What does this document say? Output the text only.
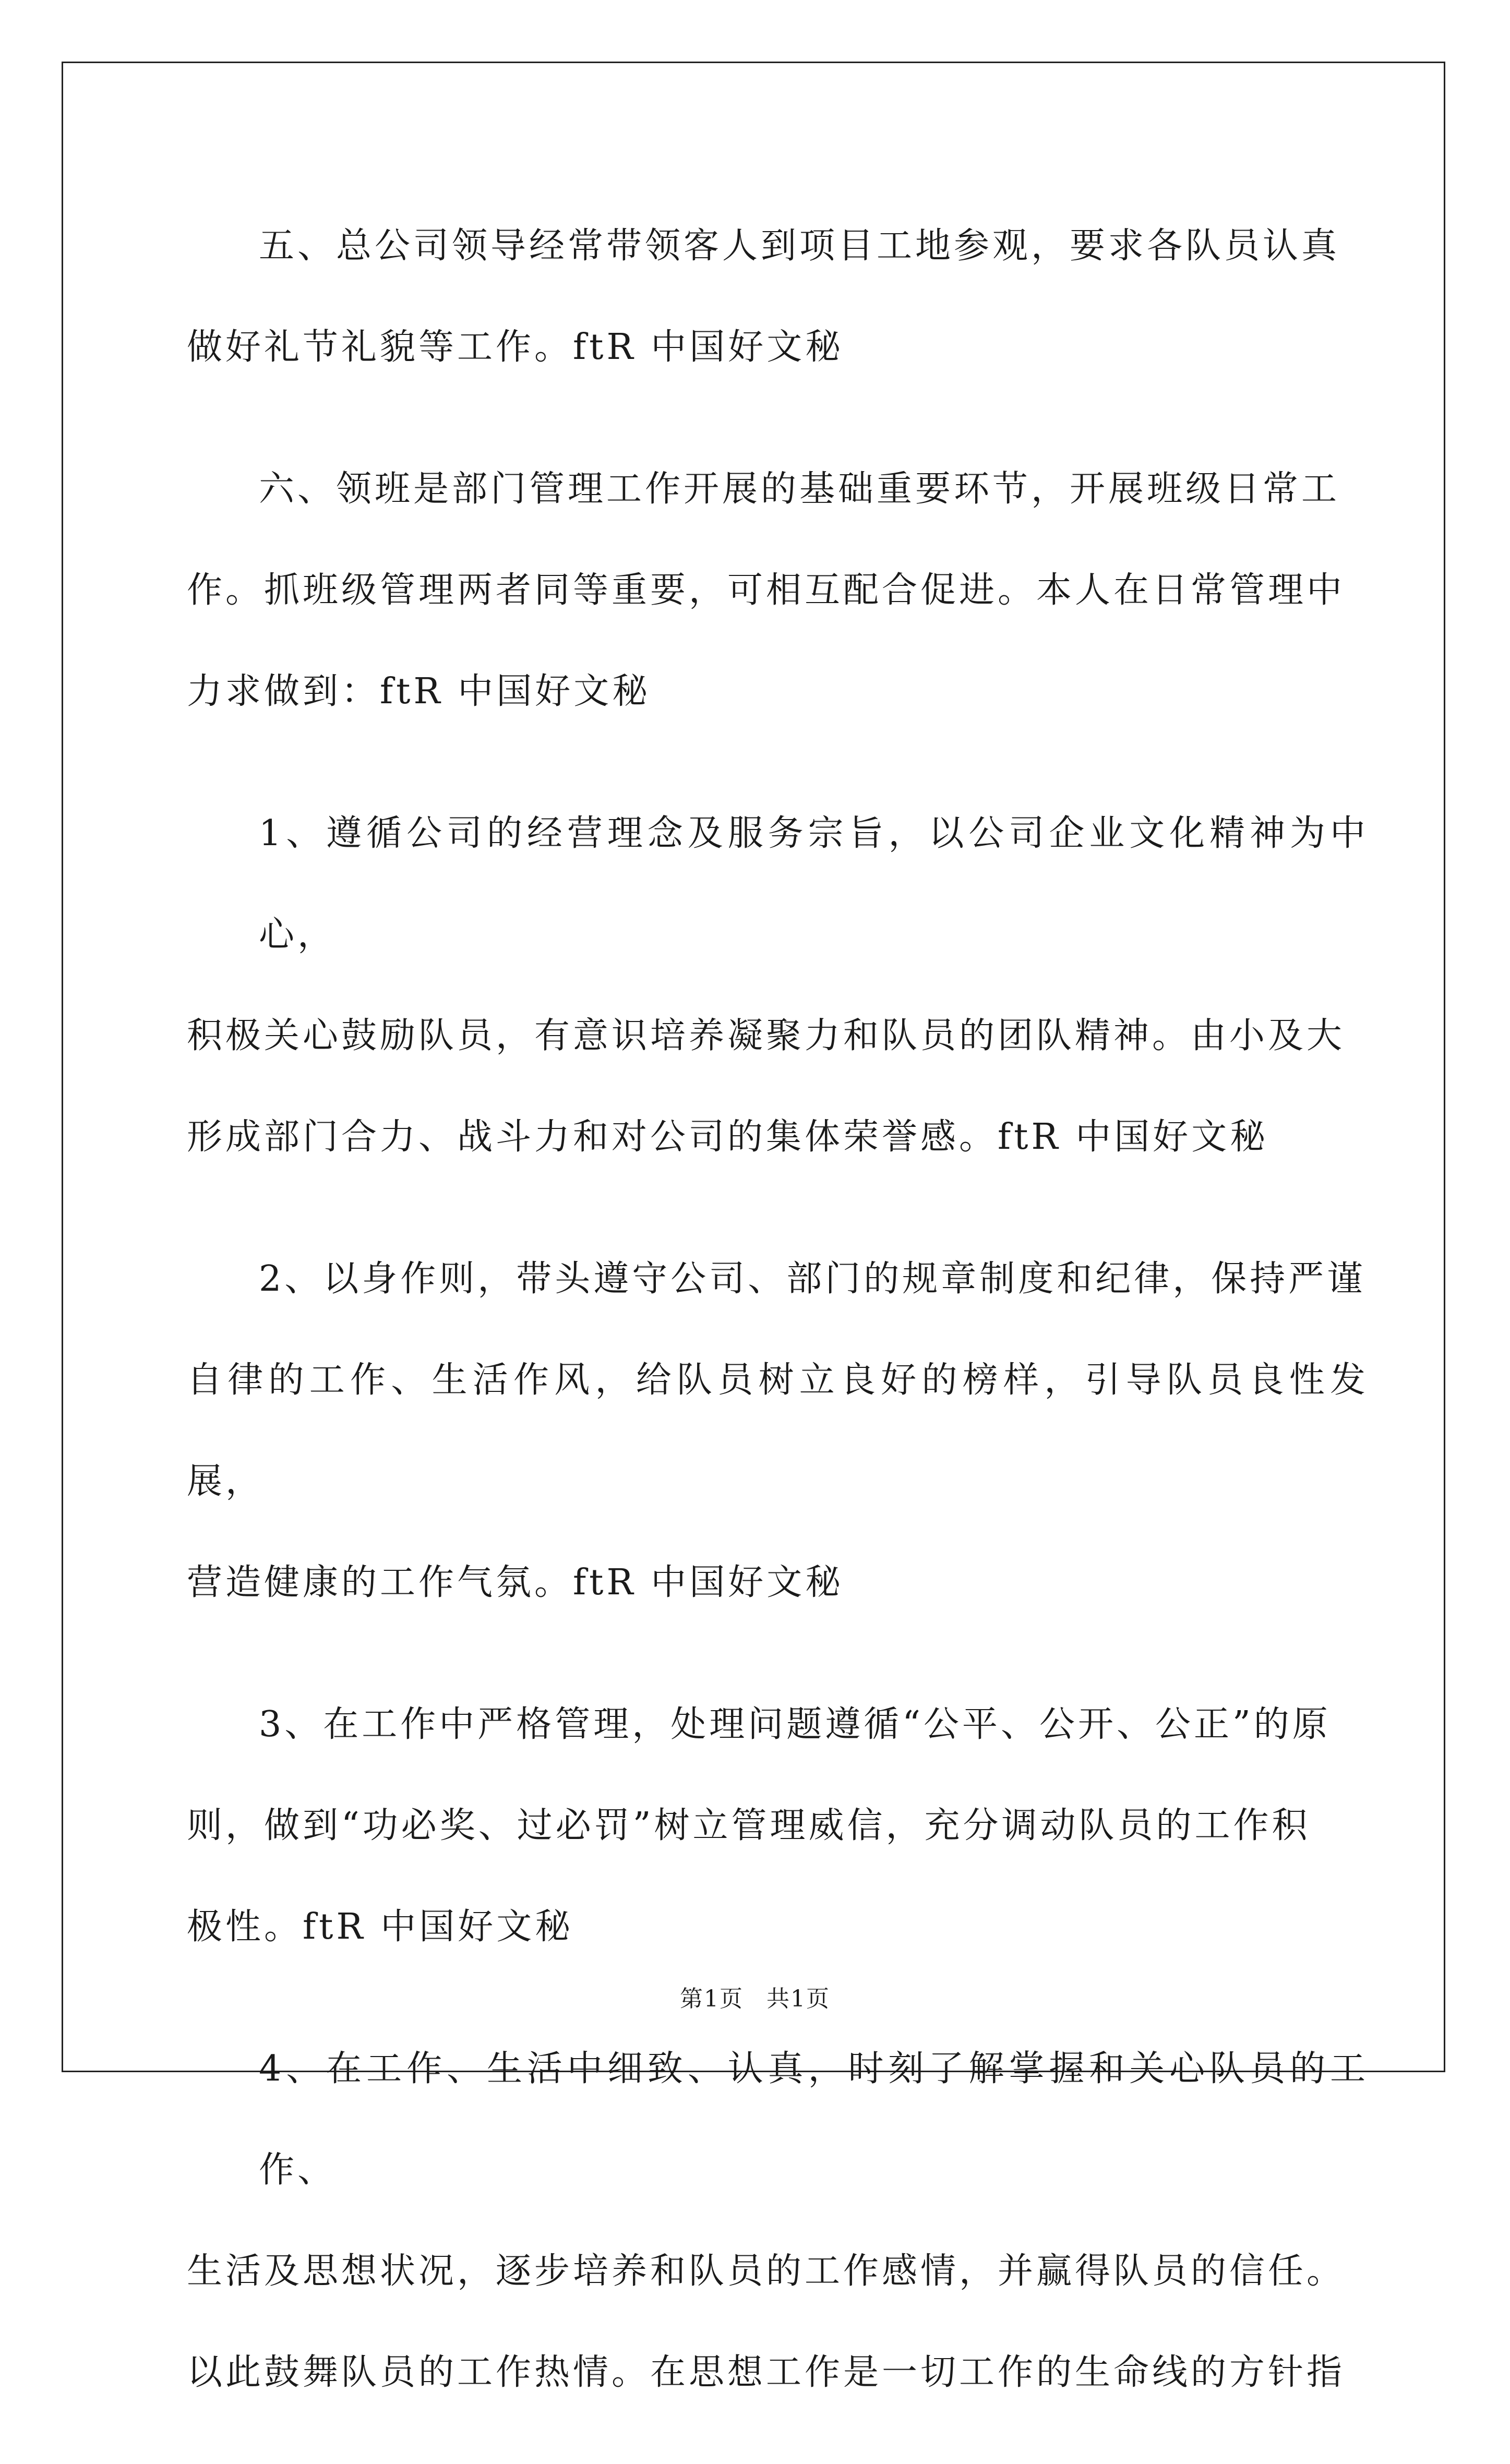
五、总公司领导经常带领客人到项目工地参观，要求各队员认真
做好礼节礼貌等工作。ftR 中国好文秘

六、领班是部门管理工作开展的基础重要环节，开展班级日常工
作。抓班级管理两者同等重要，可相互配合促进。本人在日常管理中
力求做到：ftR 中国好文秘

1、遵循公司的经营理念及服务宗旨，以公司企业文化精神为中心，
积极关心鼓励队员，有意识培养凝聚力和队员的团队精神。由小及大
形成部门合力、战斗力和对公司的集体荣誉感。ftR 中国好文秘

2、以身作则，带头遵守公司、部门的规章制度和纪律，保持严谨
自律的工作、生活作风，给队员树立良好的榜样，引导队员良性发展，
营造健康的工作气氛。ftR 中国好文秘

3、在工作中严格管理，处理问题遵循“公平、公开、公正”的原
则，做到“功必奖、过必罚”树立管理威信，充分调动队员的工作积
极性。ftR 中国好文秘

4、在工作、生活中细致、认真，时刻了解掌握和关心队员的工作、
生活及思想状况，逐步培养和队员的工作感情，并赢得队员的信任。
以此鼓舞队员的工作热情。在思想工作是一切工作的生命线的方针指

第1页 共1页
